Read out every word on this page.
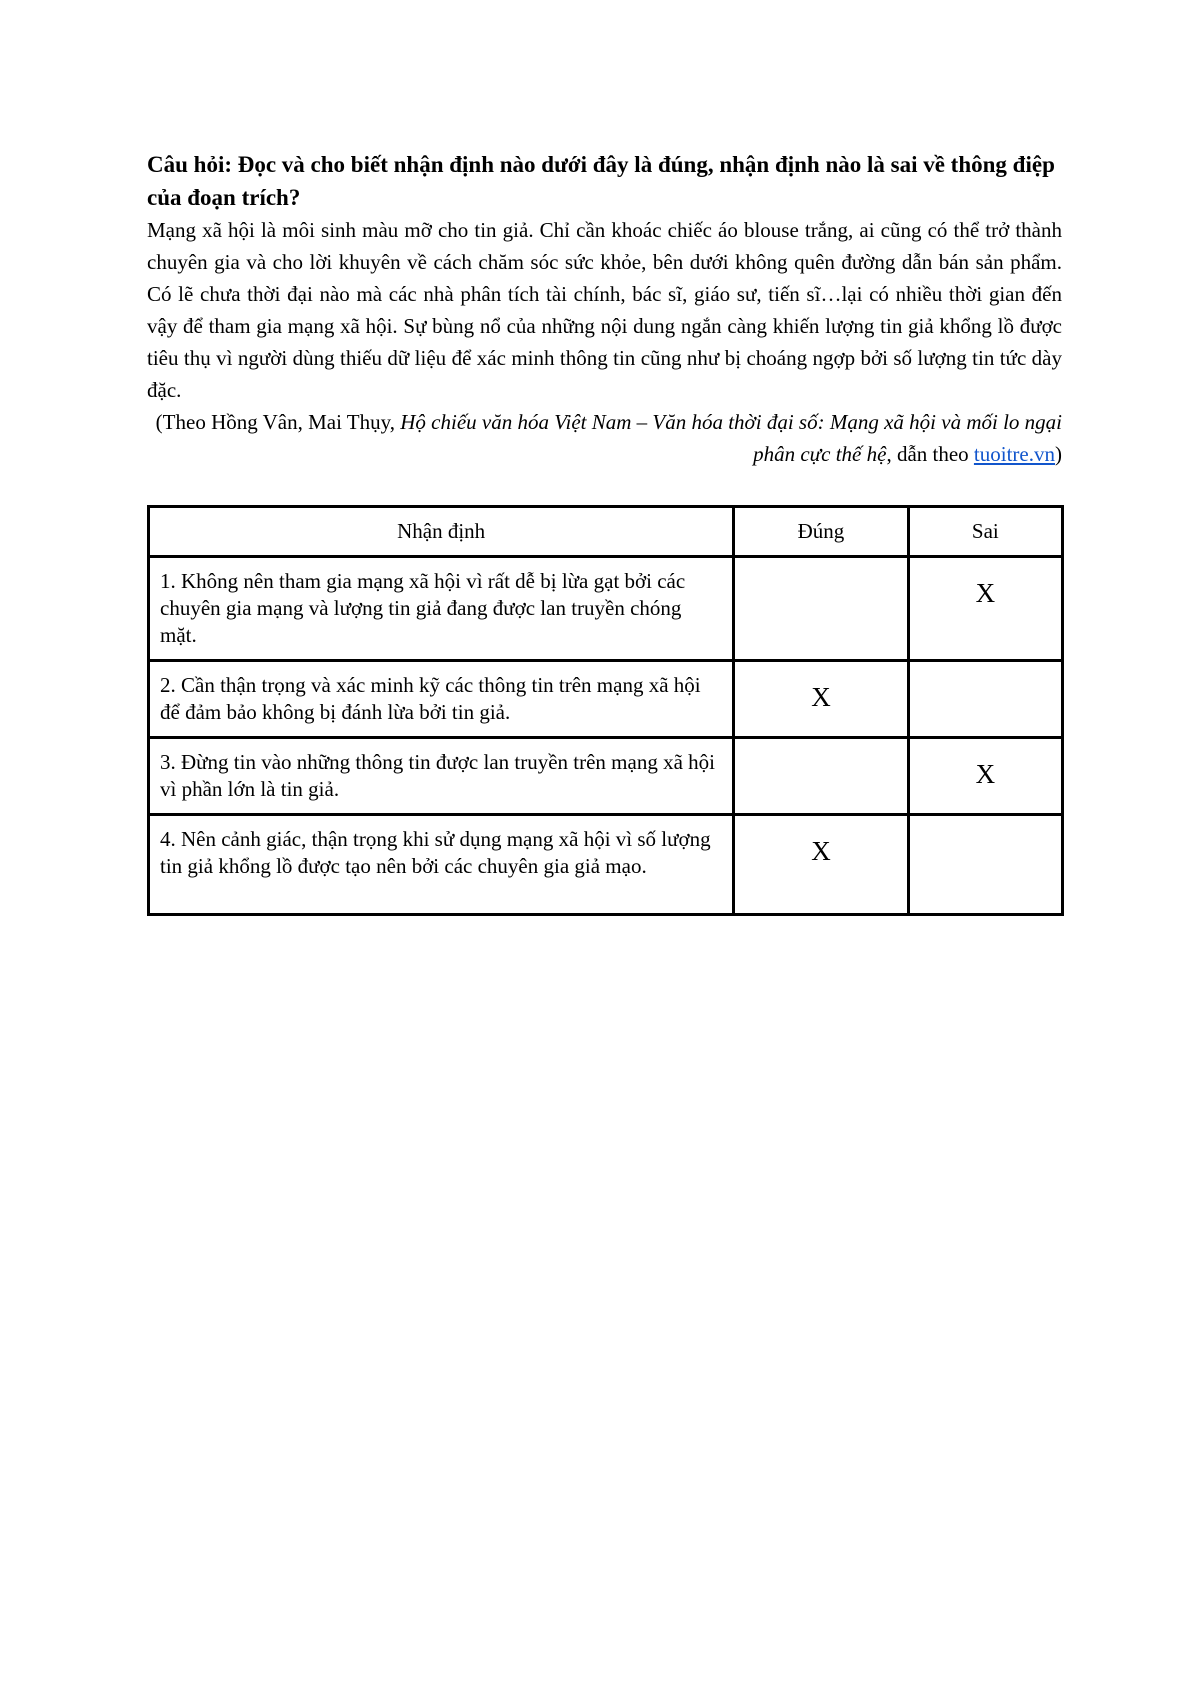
Câu hỏi: Đọc và cho biết nhận định nào dưới đây là đúng, nhận định nào là sai về thông điệp của đoạn trích?

Mạng xã hội là môi sinh màu mỡ cho tin giả. Chỉ cần khoác chiếc áo blouse trắng, ai cũng có thể trở thành chuyên gia và cho lời khuyên về cách chăm sóc sức khỏe, bên dưới không quên đường dẫn bán sản phẩm. Có lẽ chưa thời đại nào mà các nhà phân tích tài chính, bác sĩ, giáo sư, tiến sĩ…lại có nhiều thời gian đến vậy để tham gia mạng xã hội. Sự bùng nổ của những nội dung ngắn càng khiến lượng tin giả khổng lồ được tiêu thụ vì người dùng thiếu dữ liệu để xác minh thông tin cũng như bị choáng ngợp bởi số lượng tin tức dày đặc.

(Theo Hồng Vân, Mai Thụy, Hộ chiếu văn hóa Việt Nam – Văn hóa thời đại số: Mạng xã hội và mối lo ngại phân cực thế hệ, dẫn theo tuoitre.vn)

Nhận định	Đúng	Sai
1. Không nên tham gia mạng xã hội vì rất dễ bị lừa gạt bởi các chuyên gia mạng và lượng tin giả đang được lan truyền chóng mặt.		X
2. Cần thận trọng và xác minh kỹ các thông tin trên mạng xã hội để đảm bảo không bị đánh lừa bởi tin giả.	X	
3. Đừng tin vào những thông tin được lan truyền trên mạng xã hội vì phần lớn là tin giả.		X
4. Nên cảnh giác, thận trọng khi sử dụng mạng xã hội vì số lượng tin giả khổng lồ được tạo nên bởi các chuyên gia giả mạo.	X	
